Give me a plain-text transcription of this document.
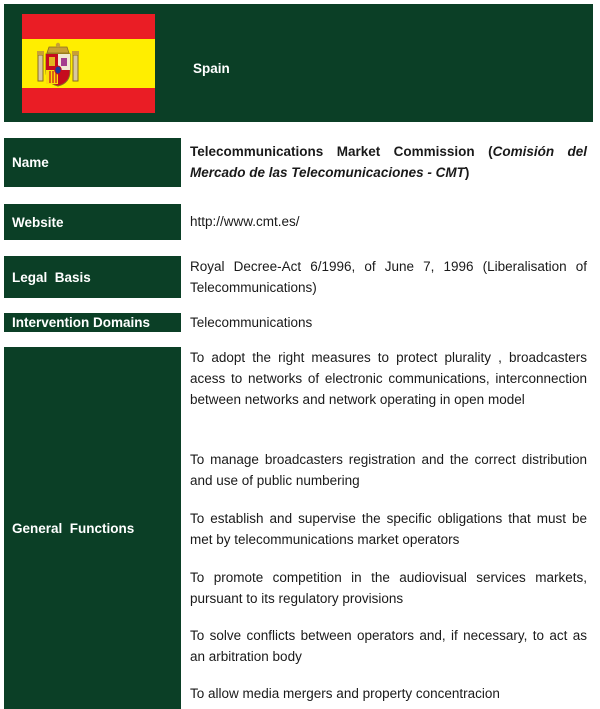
Spain
Name
Telecommunications Market Commission (Comisión del Mercado de las Telecomunicaciones - CMT)
Website	http://www.cmt.es/
Legal  Basis
Royal Decree-Act 6/1996, of June 7, 1996 (Liberalisation of Telecommunications)
Intervention Domains	Telecommunications
General  Functions
To adopt the right measures to protect plurality , broadcasters acess to networks of electronic communications, interconnection between networks and network operating in open model
To manage broadcasters registration and the correct distribution and use of public numbering
To establish and supervise the specific obligations that must be met by telecommunications market operators
To promote competition in the audiovisual services markets, pursuant to its regulatory provisions
To solve conflicts between operators and, if necessary, to act as an arbitration body
To allow media mergers and property concentracion
